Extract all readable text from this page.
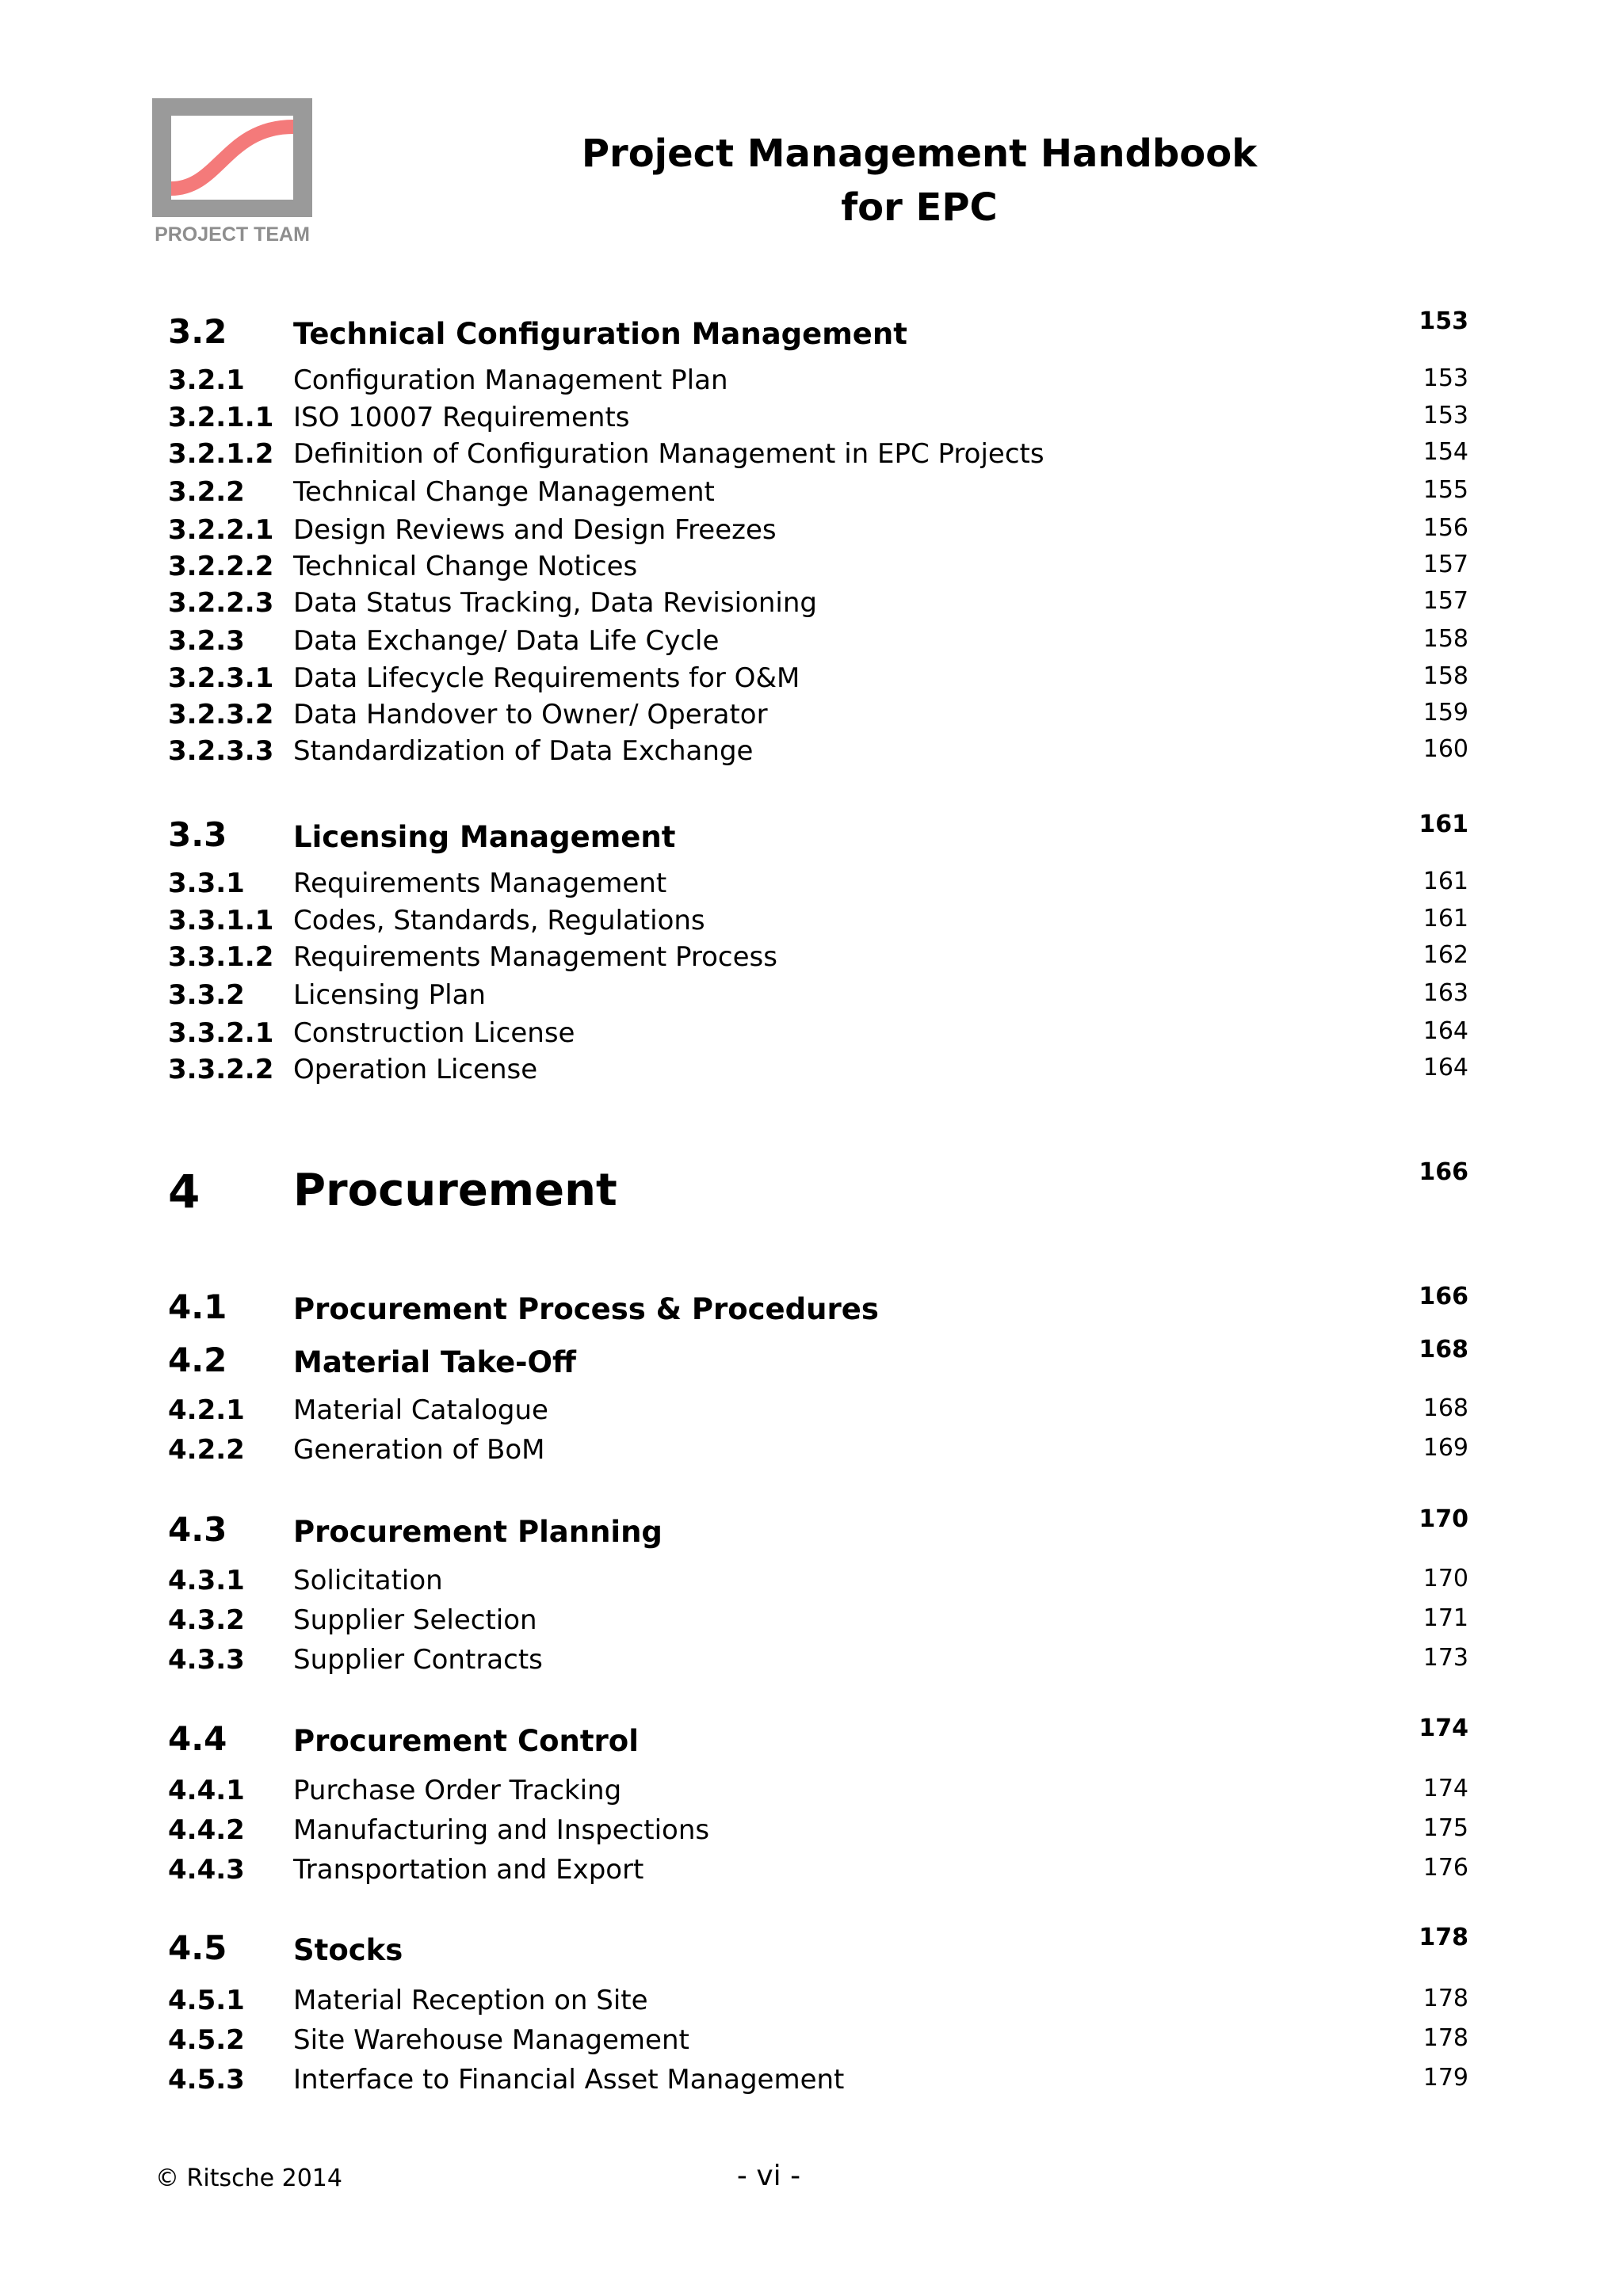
PROJECT TEAM
Project Management Handbook
for EPC
3.2 Technical Configuration Management	153
3.2.1 Configuration Management Plan	153
3.2.1.1 ISO 10007 Requirements	153
3.2.1.2 Definition of Configuration Management in EPC Projects	154
3.2.2 Technical Change Management	155
3.2.2.1 Design Reviews and Design Freezes	156
3.2.2.2 Technical Change Notices	157
3.2.2.3 Data Status Tracking, Data Revisioning	157
3.2.3 Data Exchange/ Data Life Cycle	158
3.2.3.1 Data Lifecycle Requirements for O&M	158
3.2.3.2 Data Handover to Owner/ Operator	159
3.2.3.3 Standardization of Data Exchange	160
3.3 Licensing Management	161
3.3.1 Requirements Management	161
3.3.1.1 Codes, Standards, Regulations	161
3.3.1.2 Requirements Management Process	162
3.3.2 Licensing Plan	163
3.3.2.1 Construction License	164
3.3.2.2 Operation License	164
4 Procurement	166
4.1 Procurement Process & Procedures	166
4.2 Material Take-Off	168
4.2.1 Material Catalogue	168
4.2.2 Generation of BoM	169
4.3 Procurement Planning	170
4.3.1 Solicitation	170
4.3.2 Supplier Selection	171
4.3.3 Supplier Contracts	173
4.4 Procurement Control	174
4.4.1 Purchase Order Tracking	174
4.4.2 Manufacturing and Inspections	175
4.4.3 Transportation and Export	176
4.5 Stocks	178
4.5.1 Material Reception on Site	178
4.5.2 Site Warehouse Management	178
4.5.3 Interface to Financial Asset Management	179
© Ritsche 2014	- vi -
